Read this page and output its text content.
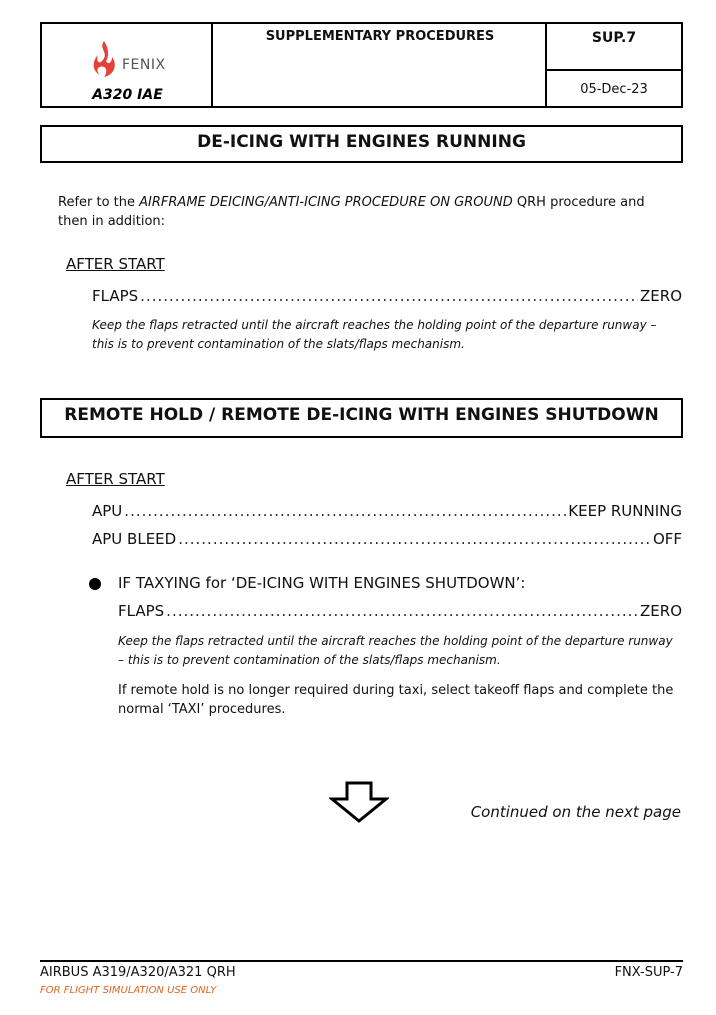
FENIX
A320 IAE
SUPPLEMENTARY PROCEDURES	SUP.7
05-Dec-23
DE-ICING WITH ENGINES RUNNING
Refer to the AIRFRAME DEICING/ANTI-ICING PROCEDURE ON GROUND QRH procedure and then in addition:
AFTER START
FLAPS .....	ZERO
Keep the flaps retracted until the aircraft reaches the holding point of the departure runway – this is to prevent contamination of the slats/flaps mechanism.
REMOTE HOLD / REMOTE DE-ICING WITH ENGINES SHUTDOWN
AFTER START
APU .....	KEEP RUNNING
APU BLEED .....	OFF
IF TAXYING for ‘DE-ICING WITH ENGINES SHUTDOWN’:
FLAPS .....	ZERO
Keep the flaps retracted until the aircraft reaches the holding point of the departure runway – this is to prevent contamination of the slats/flaps mechanism.
If remote hold is no longer required during taxi, select takeoff flaps and complete the normal ‘TAXI’ procedures.
Continued on the next page
AIRBUS A319/A320/A321 QRH	FNX-SUP-7
FOR FLIGHT SIMULATION USE ONLY
